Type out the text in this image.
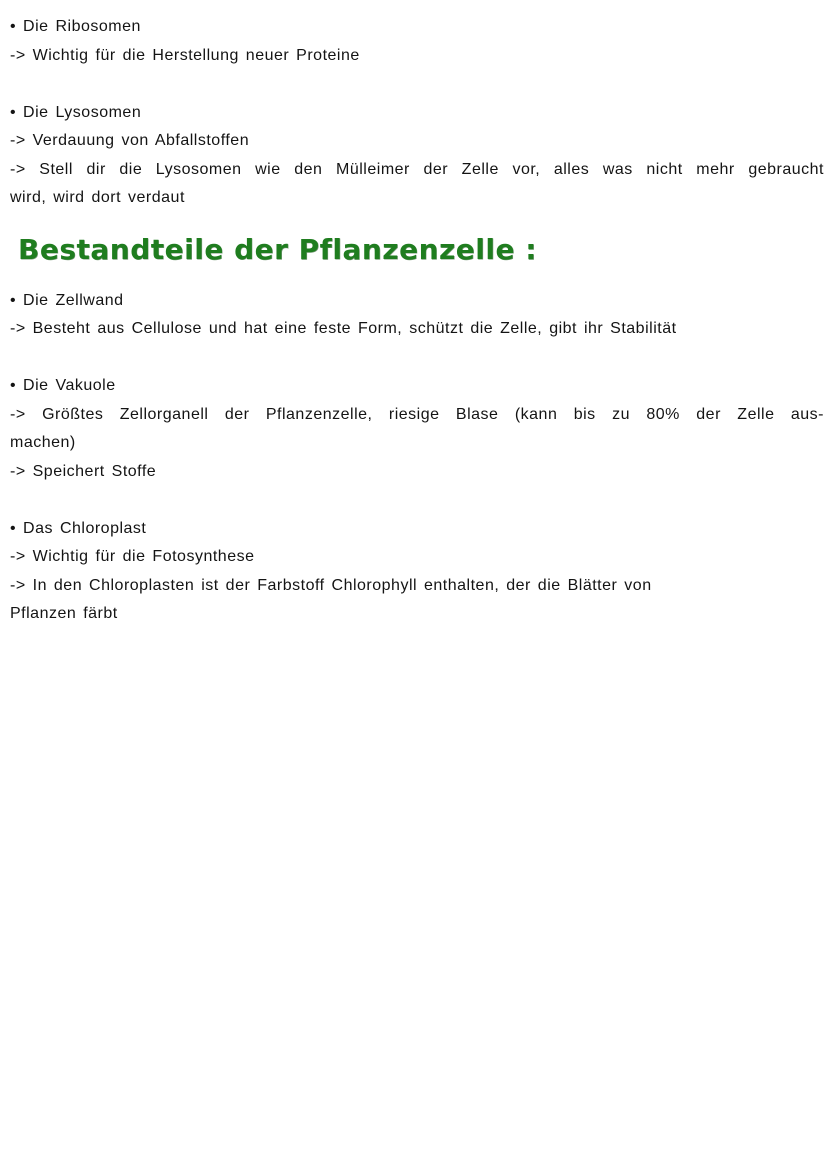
• Die Ribosomen
-> Wichtig für die Herstellung neuer Proteine
• Die Lysosomen
-> Verdauung von Abfallstoffen
-> Stell dir die Lysosomen wie den Mülleimer der Zelle vor, alles was nicht mehr gebraucht
wird, wird dort verdaut
Bestandteile der Pflanzenzelle :
• Die Zellwand
-> Besteht aus Cellulose und hat eine feste Form, schützt die Zelle, gibt ihr Stabilität
• Die Vakuole
-> Größtes Zellorganell der Pflanzenzelle, riesige Blase (kann bis zu 80% der Zelle aus-
machen)
-> Speichert Stoffe
• Das Chloroplast
-> Wichtig für die Fotosynthese
-> In den Chloroplasten ist der Farbstoff Chlorophyll enthalten, der die Blätter von
Pflanzen färbt
